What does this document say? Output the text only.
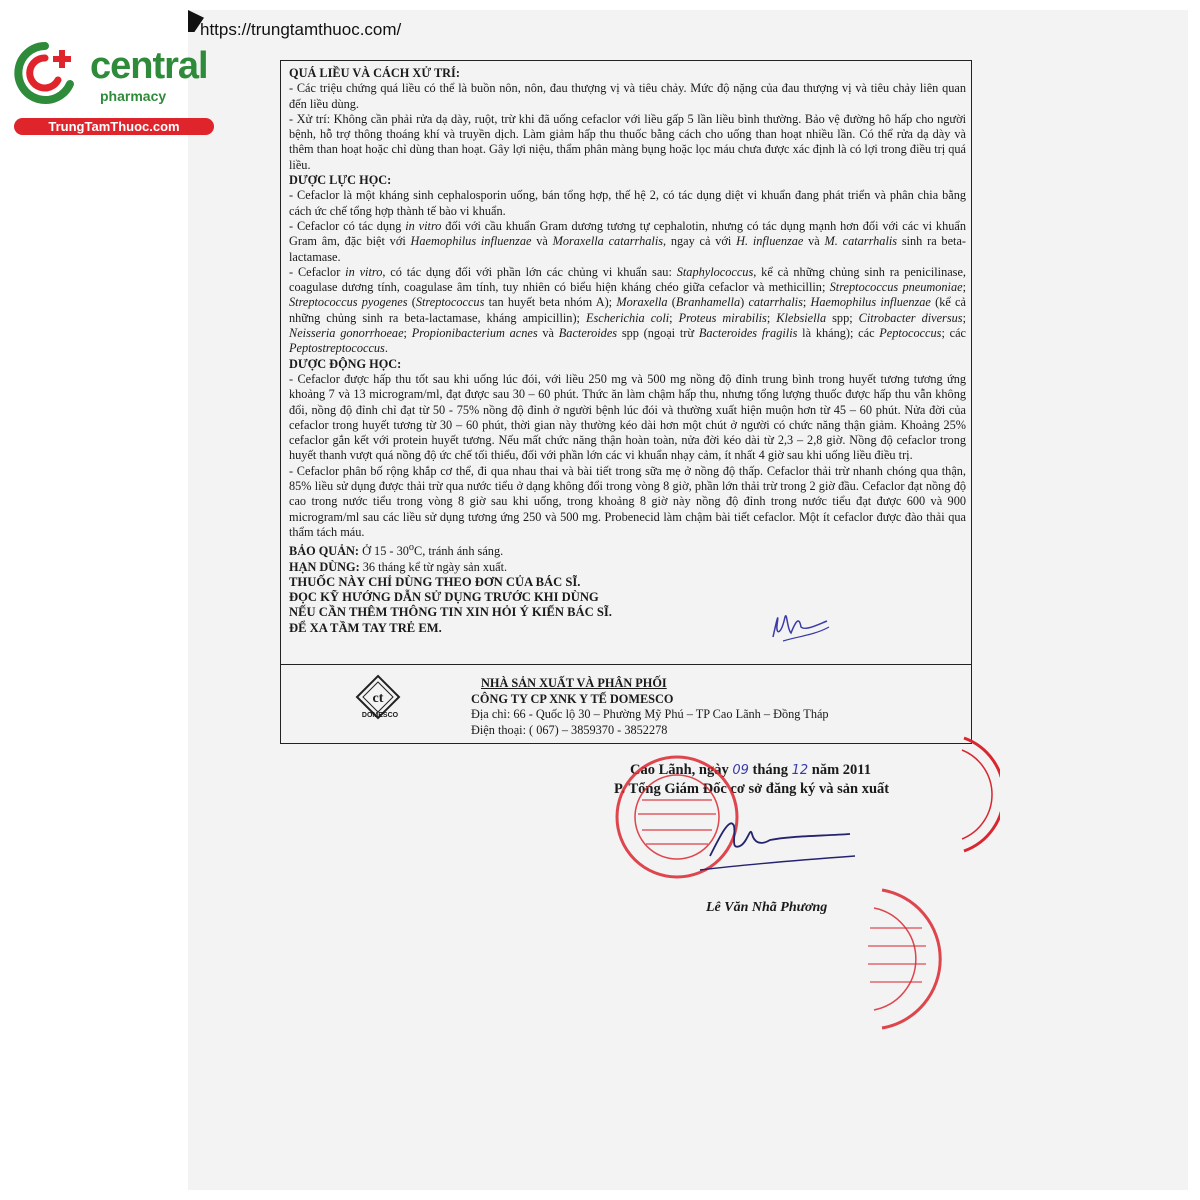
https://trungtamthuoc.com/
central
pharmacy
TrungTamThuoc.com

QUÁ LIỀU VÀ CÁCH XỬ TRÍ:

- Các triệu chứng quá liều có thể là buồn nôn, nôn, đau thượng vị và tiêu chảy. Mức độ nặng của đau thượng vị và tiêu chảy liên quan đến liều dùng.

- Xử trí: Không cần phải rửa dạ dày, ruột, trừ khi đã uống cefaclor với liều gấp 5 lần liều bình thường. Bảo vệ đường hô hấp cho người bệnh, hỗ trợ thông thoáng khí và truyền dịch. Làm giảm hấp thu thuốc bằng cách cho uống than hoạt nhiều lần. Có thể rửa dạ dày và thêm than hoạt hoặc chỉ dùng than hoạt. Gây lợi niệu, thẩm phân màng bụng hoặc lọc máu chưa được xác định là có lợi trong điều trị quá liều.

DƯỢC LỰC HỌC:

- Cefaclor là một kháng sinh cephalosporin uống, bán tổng hợp, thế hệ 2, có tác dụng diệt vi khuẩn đang phát triển và phân chia bằng cách ức chế tổng hợp thành tế bào vi khuẩn.

- Cefaclor có tác dụng in vitro đối với cầu khuẩn Gram dương tương tự cephalotin, nhưng có tác dụng mạnh hơn đối với các vi khuẩn Gram âm, đặc biệt với Haemophilus influenzae và Moraxella catarrhalis, ngay cả với H. influenzae và M. catarrhalis sinh ra beta-lactamase.

- Cefaclor in vitro, có tác dụng đối với phần lớn các chủng vi khuẩn sau: Staphylococcus, kể cả những chủng sinh ra penicilinase, coagulase dương tính, coagulase âm tính, tuy nhiên có biểu hiện kháng chéo giữa cefaclor và methicillin; Streptococcus pneumoniae; Streptococcus pyogenes (Streptococcus tan huyết beta nhóm A); Moraxella (Branhamella) catarrhalis; Haemophilus influenzae (kể cả những chủng sinh ra beta-lactamase, kháng ampicillin); Escherichia coli; Proteus mirabilis; Klebsiella spp; Citrobacter diversus; Neisseria gonorrhoeae; Propionibacterium acnes và Bacteroides spp (ngoại trừ Bacteroides fragilis là kháng); các Peptococcus; các Peptostreptococcus.

DƯỢC ĐỘNG HỌC:

- Cefaclor được hấp thu tốt sau khi uống lúc đói, với liều 250 mg và 500 mg nồng độ đỉnh trung bình trong huyết tương tương ứng khoảng 7 và 13 microgram/ml, đạt được sau 30 – 60 phút. Thức ăn làm chậm hấp thu, nhưng tổng lượng thuốc được hấp thu vẫn không đổi, nồng độ đỉnh chỉ đạt từ 50 - 75% nồng độ đỉnh ở người bệnh lúc đói và thường xuất hiện muộn hơn từ 45 – 60 phút. Nửa đời của cefaclor trong huyết tương từ 30 – 60 phút, thời gian này thường kéo dài hơn một chút ở người có chức năng thận giảm. Khoảng 25% cefaclor gắn kết với protein huyết tương. Nếu mất chức năng thận hoàn toàn, nửa đời kéo dài từ 2,3 – 2,8 giờ. Nồng độ cefaclor trong huyết thanh vượt quá nồng độ ức chế tối thiểu, đối với phần lớn các vi khuẩn nhạy cảm, ít nhất 4 giờ sau khi uống liều điều trị.

- Cefaclor phân bố rộng khắp cơ thể, đi qua nhau thai và bài tiết trong sữa mẹ ở nồng độ thấp. Cefaclor thải trừ nhanh chóng qua thận, 85% liều sử dụng được thải trừ qua nước tiểu ở dạng không đổi trong vòng 8 giờ, phần lớn thải trừ trong 2 giờ đầu. Cefaclor đạt nồng độ cao trong nước tiểu trong vòng 8 giờ sau khi uống, trong khoảng 8 giờ này nồng độ đỉnh trong nước tiểu đạt được 600 và 900 microgram/ml sau các liều sử dụng tương ứng 250 và 500 mg. Probenecid làm chậm bài tiết cefaclor. Một ít cefaclor được đào thải qua thẩm tách máu.

BẢO QUẢN: Ở 15 - 30$^o$C, tránh ánh sáng.

HẠN DÙNG: 36 tháng kể từ ngày sản xuất.

THUỐC NÀY CHỈ DÙNG THEO ĐƠN CỦA BÁC SĨ.

ĐỌC KỸ HƯỚNG DẪN SỬ DỤNG TRƯỚC KHI DÙNG

NẾU CẦN THÊM THÔNG TIN XIN HỎI Ý KIẾN BÁC SĨ.

ĐỂ XA TẦM TAY TRẺ EM.

ct
DOMESCO
NHÀ SẢN XUẤT VÀ PHÂN PHỐI
CÔNG TY CP XNK Y TẾ DOMESCO
Địa chỉ: 66 - Quốc lộ 30 – Phường Mỹ Phú – TP Cao Lãnh – Đồng Tháp
Điện thoại: ( 067) – 3859370 - 3852278
Cao Lãnh, ngày 09 tháng 12 năm 2011
P. Tổng Giám Đốc cơ sở đăng ký và sản xuất
Lê Văn Nhã Phương
